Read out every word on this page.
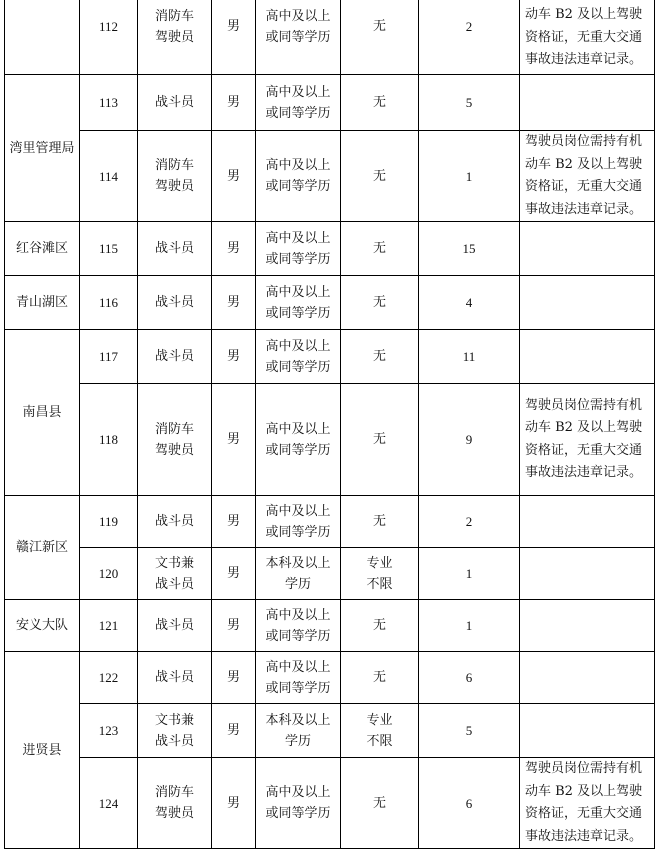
	112	消防车
驾驶员	男	高中及以上
或同等学历	无	2	动车 B2 及以上驾驶
资格证，无重大交通
事故违法违章记录。

湾里管理局	113	战斗员	男	高中及以上
或同等学历	无	5	
	114	消防车
驾驶员	男	高中及以上
或同等学历	无	1	驾驶员岗位需持有机
动车 B2 及以上驾驶
资格证，无重大交通
事故违法违章记录。

红谷滩区	115	战斗员	男	高中及以上
或同等学历	无	15	
青山湖区	116	战斗员	男	高中及以上
或同等学历	无	4	
南昌县	117	战斗员	男	高中及以上
或同等学历	无	11	
	118	消防车
驾驶员	男	高中及以上
或同等学历	无	9	驾驶员岗位需持有机
动车 B2 及以上驾驶
资格证，无重大交通
事故违法违章记录。

赣江新区	119	战斗员	男	高中及以上
或同等学历	无	2	
	120	文书兼
战斗员	男	本科及以上
学历	专业
不限	1	
安义大队	121	战斗员	男	高中及以上
或同等学历	无	1	
进贤县	122	战斗员	男	高中及以上
或同等学历	无	6	
	123	文书兼
战斗员	男	本科及以上
学历	专业
不限	5	
	124	消防车
驾驶员	男	高中及以上
或同等学历	无	6	驾驶员岗位需持有机
动车 B2 及以上驾驶
资格证，无重大交通
事故违法违章记录。
